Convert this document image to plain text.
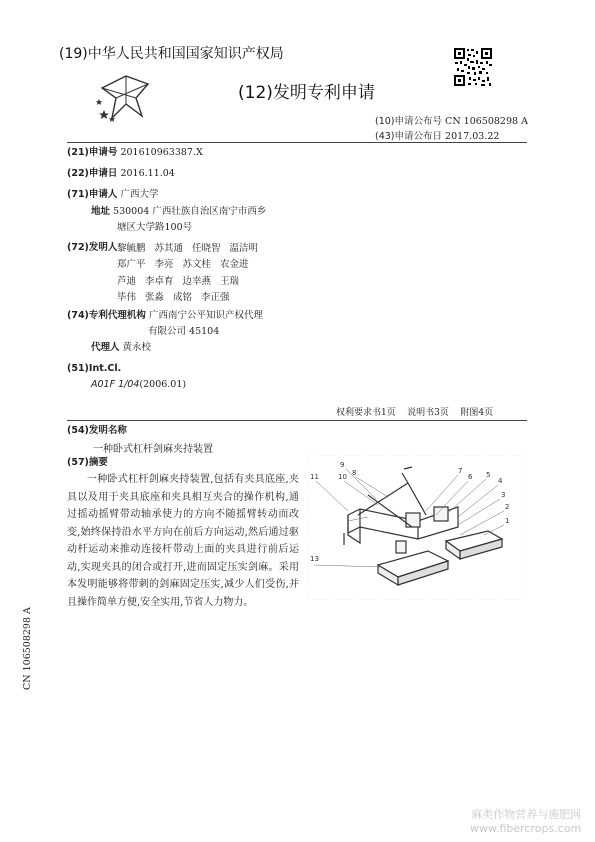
(19)中华人民共和国国家知识产权局
(12)发明专利申请
(10)申请公布号 CN 106508298 A
(43)申请公布日 2017.03.22
(21)申请号 201610963387.X
(22)申请日 2016.11.04
(71)申请人 广西大学
地址 530004 广西壮族自治区南宁市西乡
塘区大学路100号
(72)发明人 黎毓鹏 苏其通 任晓智 温洁明
郑广平 李亮 苏文桂 农金进
芦迪 李卓育 边幸燕 王瑞
毕伟 张淼 成铭 李正强
(74)专利代理机构 广西南宁公平知识产权代理
有限公司 45104
代理人 黄永校
(51)Int.Cl.
A01F 1/04(2006.01)
权利要求书1页    说明书3页    附图4页
(54)发明名称
一种卧式杠杆剑麻夹持装置
(57)摘要
一种卧式杠杆剑麻夹持装置,包括有夹具底座,夹具以及用于夹具底座和夹具相互夹合的操作机构,通过摇动摇臂带动轴承使力的方向不随摇臂转动而改变,始终保持沿水平方向在前后方向运动,然后通过驱动杆运动来推动连接杆带动上面的夹具进行前后运动,实现夹具的闭合或打开,进而固定压实剑麻。采用本发明能够将带刺的剑麻固定压实,减少人们受伤,并且操作简单方便,安全实用,节省人力物力。
11
9
10 8	7
6 5
4
3
2
1
13
CN 106508298 A
麻类作物营养与施肥网
www.fibercrops.com
